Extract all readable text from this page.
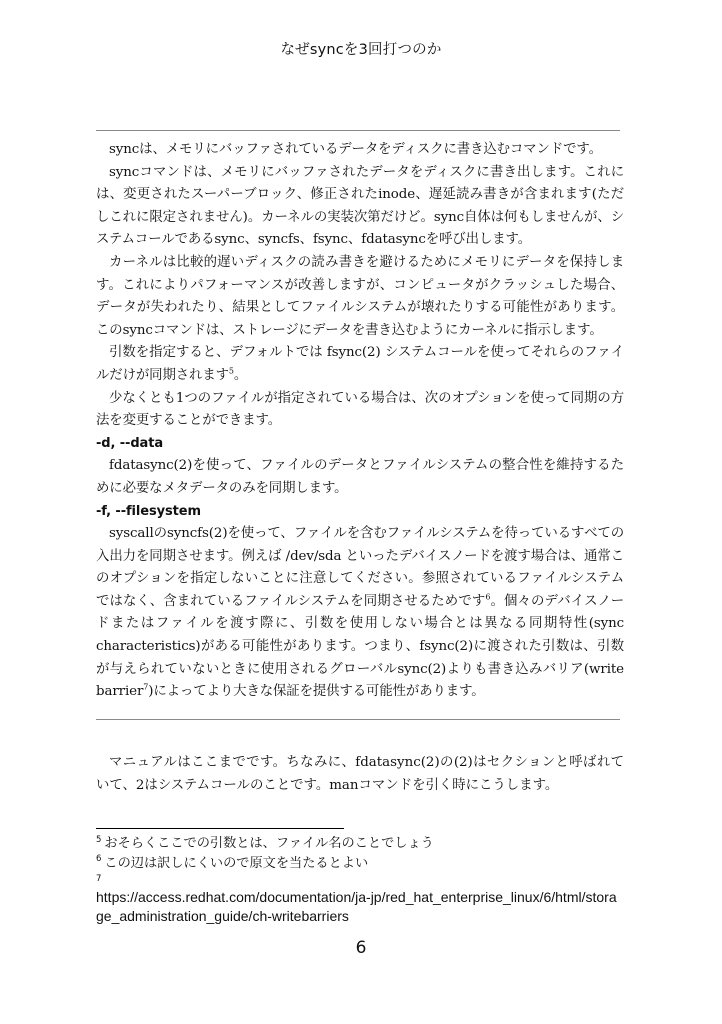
なぜsyncを3回打つのか

syncは、メモリにバッファされているデータをディスクに書き込むコマンドです。

syncコマンドは、メモリにバッファされたデータをディスクに書き出します。これには、変更されたスーパーブロック、修正されたinode、遅延読み書きが含まれます(ただしこれに限定されません)。カーネルの実装次第だけど。sync自体は何もしませんが、システムコールであるsync、syncfs、fsync、fdatasyncを呼び出します。

カーネルは比較的遅いディスクの読み書きを避けるためにメモリにデータを保持します。これによりパフォーマンスが改善しますが、コンピュータがクラッシュした場合、データが失われたり、結果としてファイルシステムが壊れたりする可能性があります。このsyncコマンドは、ストレージにデータを書き込むようにカーネルに指示します。

引数を指定すると、デフォルトでは fsync(2) システムコールを使ってそれらのファイルだけが同期されます$^5$。

少なくとも1つのファイルが指定されている場合は、次のオプションを使って同期の方法を変更することができます。

-d, --data

fdatasync(2)を使って、ファイルのデータとファイルシステムの整合性を維持するために必要なメタデータのみを同期します。

-f, --filesystem

syscallのsyncfs(2)を使って、ファイルを含むファイルシステムを待っているすべての入出力を同期させます。例えば /dev/sda といったデバイスノードを渡す場合は、通常このオプションを指定しないことに注意してください。参照されているファイルシステムではなく、含まれているファイルシステムを同期させるためです$^6$。個々のデバイスノードまたはファイルを渡す際に、引数を使用しない場合とは異なる同期特性(sync characteristics)がある可能性があります。つまり、fsync(2)に渡された引数は、引数が与えられていないときに使用されるグローバルsync(2)よりも書き込みバリア(write barrier$^7$)によってより大きな保証を提供する可能性があります。

マニュアルはここまでです。ちなみに、fdatasync(2)の(2)はセクションと呼ばれていて、2はシステムコールのことです。manコマンドを引く時にこうします。

$^5$ おそらくここでの引数とは、ファイル名のことでしょう
$^6$ この辺は訳しにくいので原文を当たるとよい
$^7$
https://access.redhat.com/documentation/ja-jp/red_hat_enterprise_linux/6/html/storage_administration_guide/ch-writebarriers
6
